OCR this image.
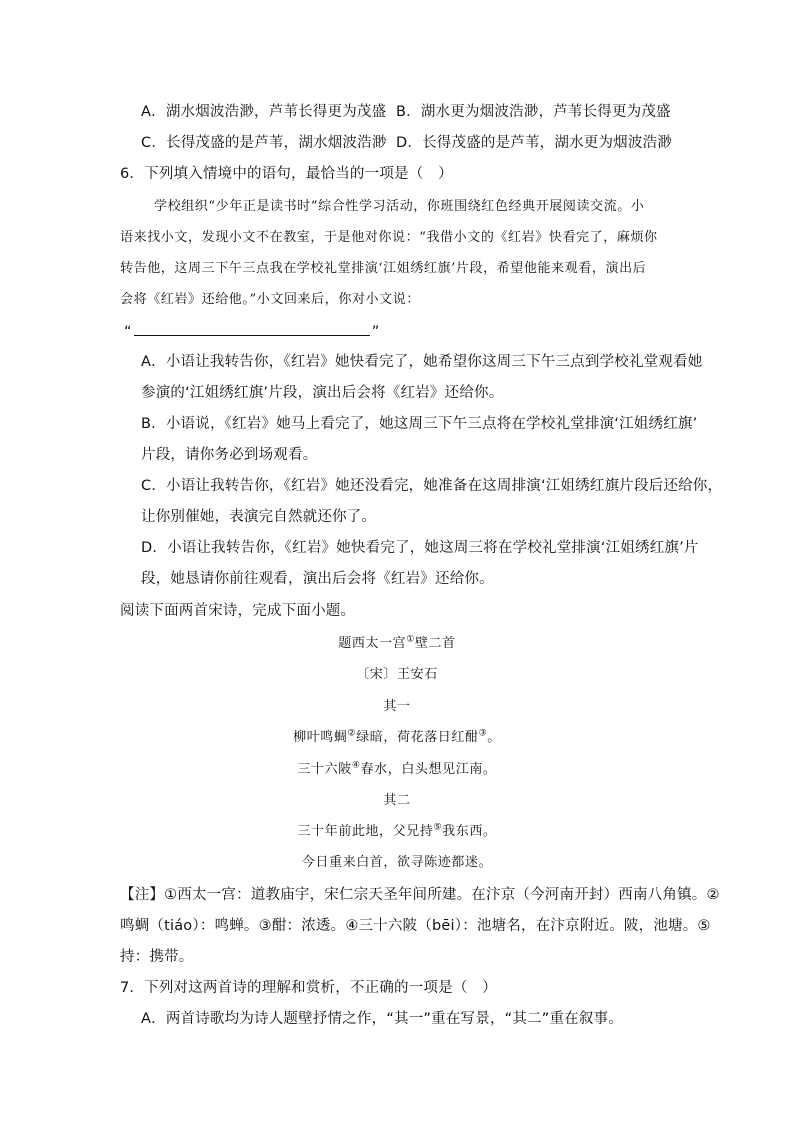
A．湖水烟波浩渺，芦苇长得更为茂盛 B．湖水更为烟波浩渺，芦苇长得更为茂盛
C．长得茂盛的是芦苇，湖水烟波浩渺 D．长得茂盛的是芦苇，湖水更为烟波浩渺
6．下列填入情境中的语句，最恰当的一项是（　）
学校组织“少年正是读书时”综合性学习活动，你班围绕红色经典开展阅读交流。小
语来找小文，发现小文不在教室，于是他对你说：“我借小文的《红岩》快看完了，麻烦你
转告他，这周三下午三点我在学校礼堂排演‘江姐绣红旗’片段，希望他能来观看，演出后
会将《红岩》还给他。”小文回来后，你对小文说：
“	”
A．小语让我转告你，《红岩》她快看完了，她希望你这周三下午三点到学校礼堂观看她
参演的‘江姐绣红旗’片段，演出后会将《红岩》还给你。
B．小语说，《红岩》她马上看完了，她这周三下午三点将在学校礼堂排演‘江姐绣红旗’
片段，请你务必到场观看。
C．小语让我转告你，《红岩》她还没看完，她准备在这周排演‘江姐绣红旗片段后还给你，
让你别催她，表演完自然就还你了。
D．小语让我转告你，《红岩》她快看完了，她这周三将在学校礼堂排演‘江姐绣红旗’片
段，她恳请你前往观看，演出后会将《红岩》还给你。
阅读下面两首宋诗，完成下面小题。
题西太一宫①壁二首
〔宋〕王安石
其一
柳叶鸣蜩②绿暗，荷花落日红酣③。
三十六陂④春水，白头想见江南。
其二
三十年前此地，父兄持⑤我东西。
今日重来白首，欲寻陈迹都迷。
【注】①西太一宫：道教庙宇，宋仁宗天圣年间所建。在汴京（今河南开封）西南八角镇。②
鸣蜩（tiáo）：鸣蝉。③酣：浓透。④三十六陂（bēi）：池塘名，在汴京附近。陂，池塘。⑤
持：携带。
7．下列对这两首诗的理解和赏析，不正确的一项是（　）
A．两首诗歌均为诗人题壁抒情之作，“其一”重在写景，“其二”重在叙事。
